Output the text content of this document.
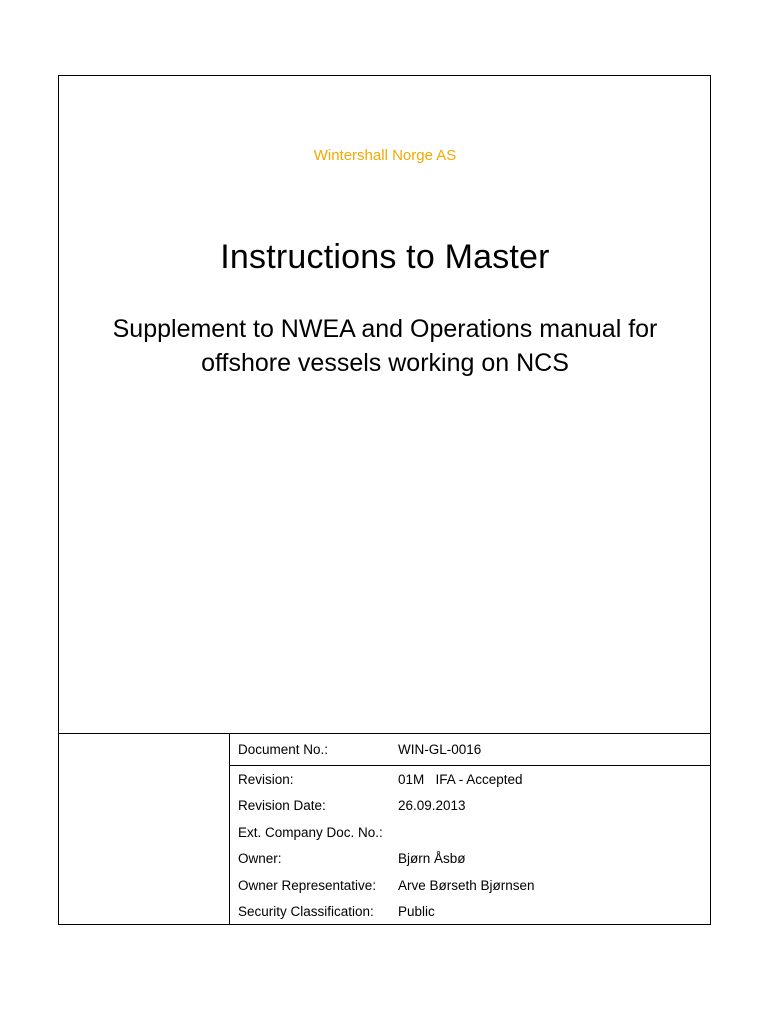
Wintershall Norge AS
Instructions to Master
Supplement to NWEA and Operations manual for
offshore vessels working on NCS
Document No.:	WIN-GL-0016
Revision:	01M   IFA - Accepted
Revision Date:	26.09.2013
Ext. Company Doc. No.:
Owner:	Bjørn Åsbø
Owner Representative: Arve Børseth Bjørnsen
Security Classification: Public
